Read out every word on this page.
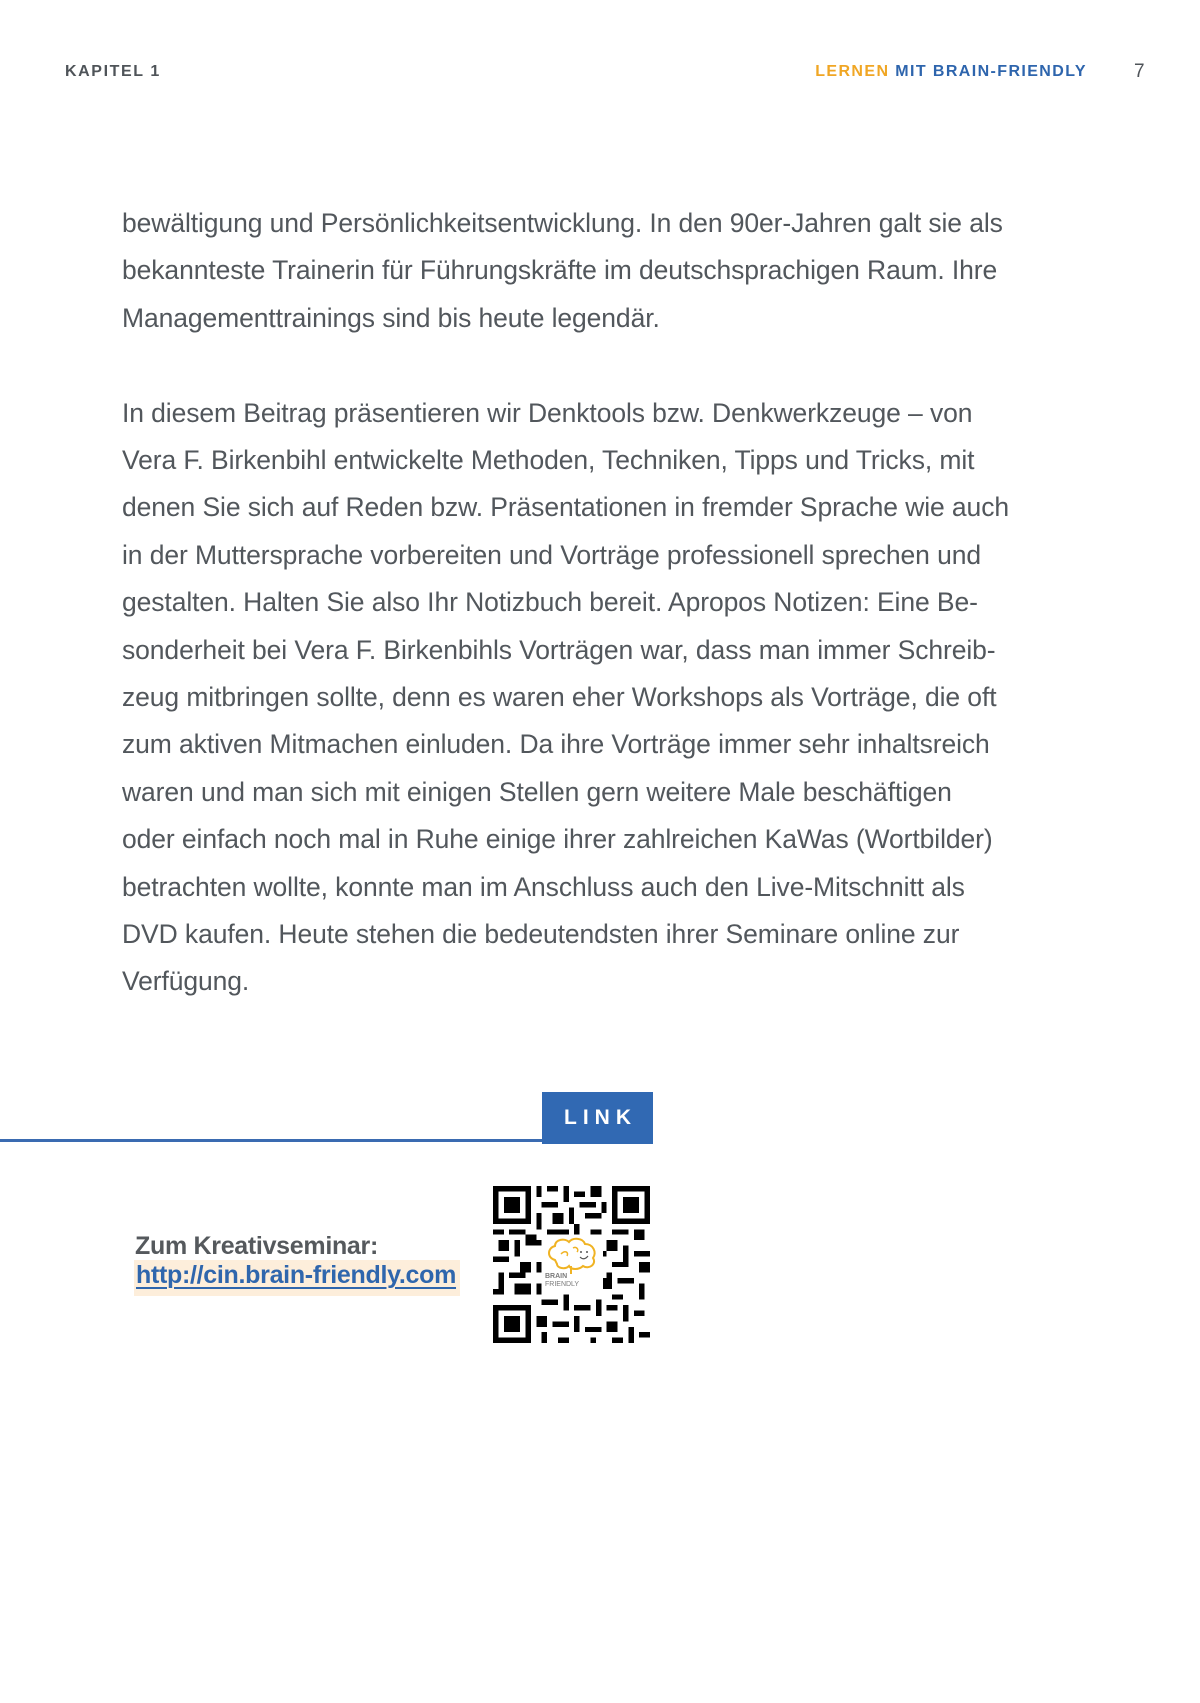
KAPITEL 1	LERNEN MIT BRAIN-FRIENDLY 7

bewältigung und Persönlichkeitsentwicklung. In den 90er-Jahren galt sie als
bekannteste Trainerin für Führungskräfte im deutschsprachigen Raum. Ihre
Managementtrainings sind bis heute legendär.

In diesem Beitrag präsentieren wir Denktools bzw. Denkwerkzeuge – von
Vera F. Birkenbihl entwickelte Methoden, Techniken, Tipps und Tricks, mit
denen Sie sich auf Reden bzw. Präsentationen in fremder Sprache wie auch
in der Muttersprache vorbereiten und Vorträge professionell sprechen und
gestalten. Halten Sie also Ihr Notizbuch bereit. Apropos Notizen: Eine Be-
sonderheit bei Vera F. Birkenbihls Vorträgen war, dass man immer Schreib-
zeug mitbringen sollte, denn es waren eher Workshops als Vorträge, die oft
zum aktiven Mitmachen einluden. Da ihre Vorträge immer sehr inhaltsreich
waren und man sich mit einigen Stellen gern weitere Male beschäftigen
oder einfach noch mal in Ruhe einige ihrer zahlreichen KaWas (Wortbilder)
betrachten wollte, konnte man im Anschluss auch den Live-Mitschnitt als
DVD kaufen. Heute stehen die bedeutendsten ihrer Seminare online zur
Verfügung.

LINK
Zum Kreativseminar:
http://cin.brain-friendly.com	BRAIN
FRIENDLY
